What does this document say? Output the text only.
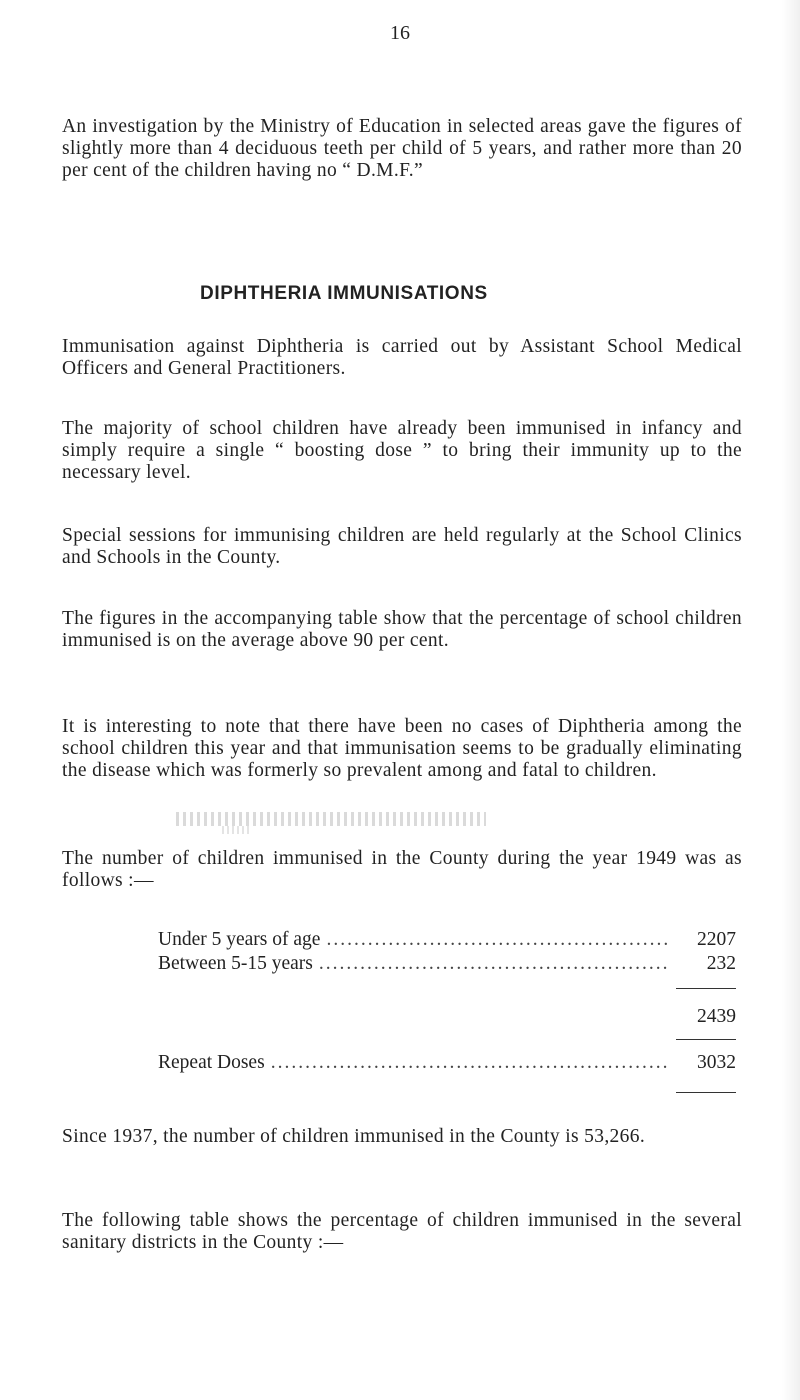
16
An investigation by the Ministry of Education in selected areas gave the figures of slightly more than 4 deciduous teeth per child of 5 years, and rather more than 20 per cent of the children having no “ D.M.F.”
DIPHTHERIA IMMUNISATIONS
Immunisation against Diphtheria is carried out by Assistant School Medical Officers and General Practitioners.
The majority of school children have already been immunised in infancy and simply require a single “ boosting dose ” to bring their immunity up to the necessary level.
Special sessions for immunising children are held regularly at the School Clinics and Schools in the County.
The figures in the accompanying table show that the percentage of school children immunised is on the average above 90 per cent.
It is interesting to note that there have been no cases of Diphtheria among the school children this year and that immunisation seems to be gradually eliminating the disease which was formerly so prevalent among and fatal to children.
The number of children immunised in the County during the year 1949 was as follows :—
Under 5 years of age .....	2207
Between 5-15 years .....	232
2439
Repeat Doses .....	3032
Since 1937, the number of children immunised in the County is 53,266.
The following table shows the percentage of children immunised in the several sanitary districts in the County :—
